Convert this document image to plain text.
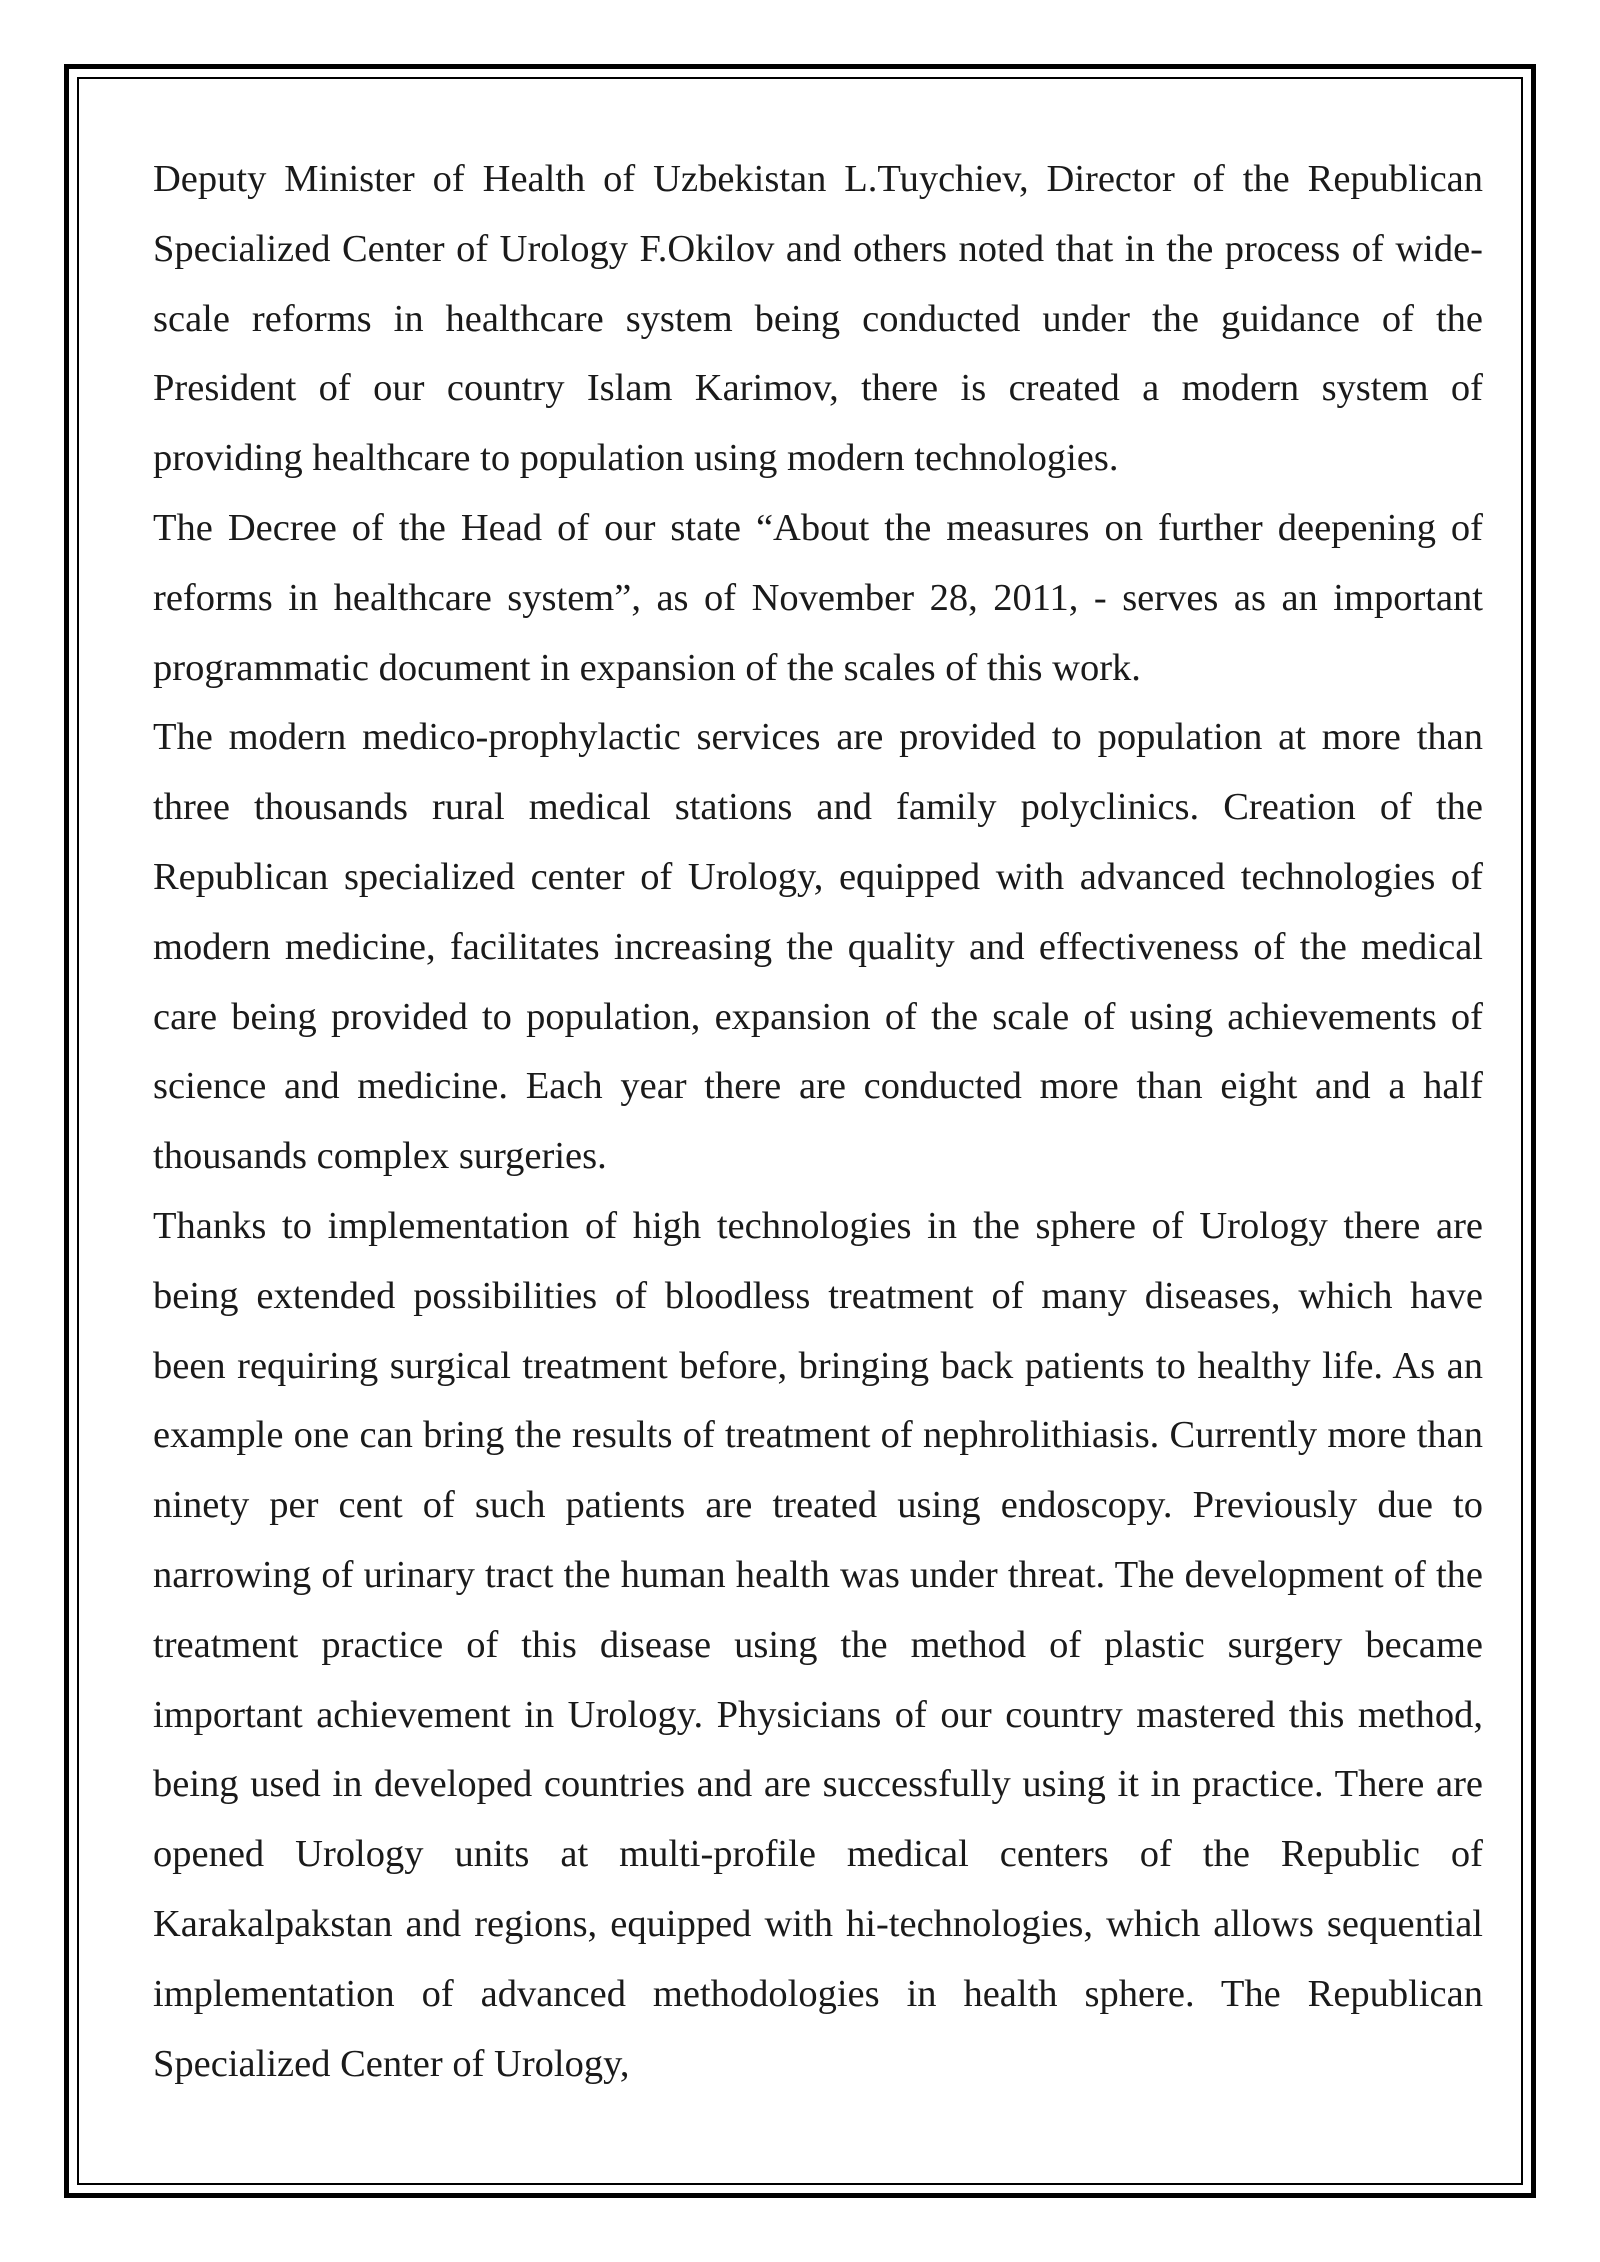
Deputy Minister of Health of Uzbekistan L.Tuychiev, Director of the Republican Specialized Center of Urology F.Okilov and others noted that in the process of wide-scale reforms in healthcare system being conducted under the guidance of the President of our country Islam Karimov, there is created a modern system of providing healthcare to population using modern technologies.

The Decree of the Head of our state “About the measures on further deepening of reforms in healthcare system”, as of November 28, 2011, - serves as an important programmatic document in expansion of the scales of this work.

The modern medico-prophylactic services are provided to population at more than three thousands rural medical stations and family polyclinics. Creation of the Republican specialized center of Urology, equipped with advanced technologies of modern medicine, facilitates increasing the quality and effectiveness of the medical care being provided to population, expansion of the scale of using achievements of science and medicine. Each year there are conducted more than eight and a half thousands complex surgeries.

Thanks to implementation of high technologies in the sphere of Urology there are being extended possibilities of bloodless treatment of many diseases, which have been requiring surgical treatment before, bringing back patients to healthy life. As an example one can bring the results of treatment of nephrolithiasis. Currently more than ninety per cent of such patients are treated using endoscopy. Previously due to narrowing of urinary tract the human health was under threat. The development of the treatment practice of this disease using the method of plastic surgery became important achievement in Urology. Physicians of our country mastered this method, being used in developed countries and are successfully using it in practice. There are opened Urology units at multi-profile medical centers of the Republic of Karakalpakstan and regions, equipped with hi-technologies, which allows sequential implementation of advanced methodologies in health sphere. The Republican Specialized Center of Urology,
